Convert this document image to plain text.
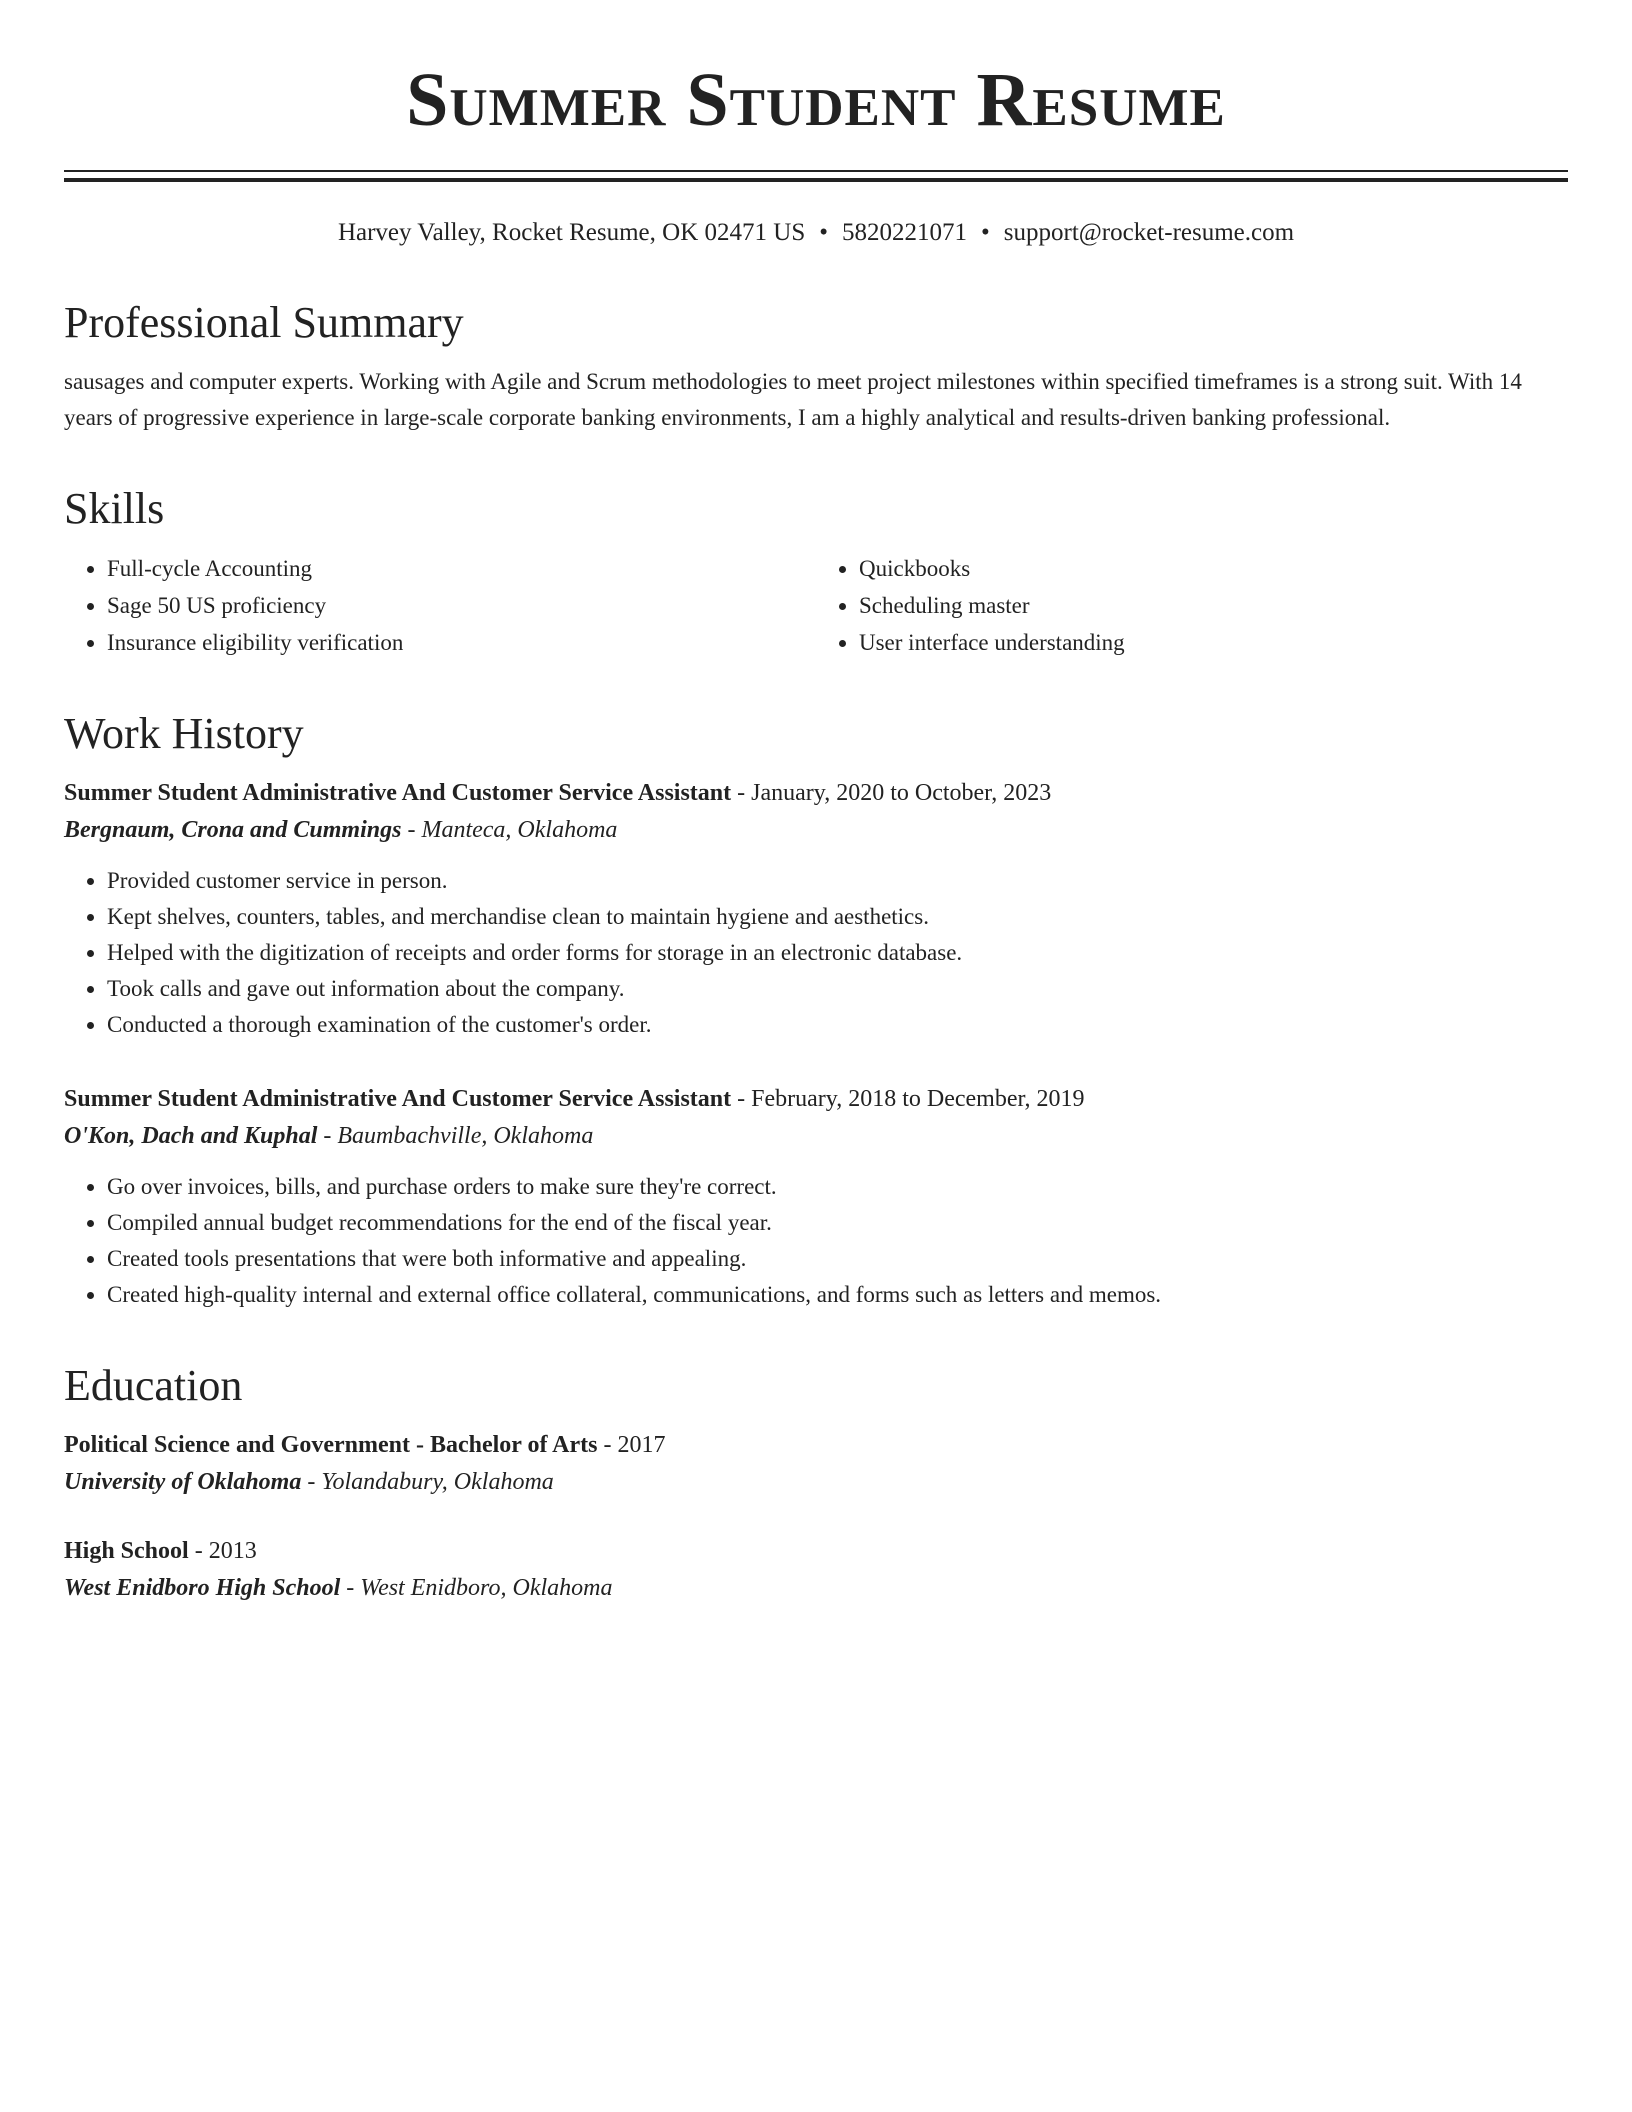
Summer Student Resume
Harvey Valley, Rocket Resume, OK 02471 US • 5820221071 • support@rocket-resume.com
Professional Summary

sausages and computer experts. Working with Agile and Scrum methodologies to meet project milestones within specified timeframes is a strong suit. With 14 years of progressive experience in large-scale corporate banking environments, I am a highly analytical and results-driven banking professional.

Skills
• Full-cycle Accounting
• Sage 50 US proficiency
• Insurance eligibility verification
• Quickbooks
• Scheduling master
• User interface understanding
Work History

Summer Student Administrative And Customer Service Assistant - January, 2020 to October, 2023

Bergnaum, Crona and Cummings - Manteca, Oklahoma

• Provided customer service in person.
• Kept shelves, counters, tables, and merchandise clean to maintain hygiene and aesthetics.
• Helped with the digitization of receipts and order forms for storage in an electronic database.
• Took calls and gave out information about the company.
• Conducted a thorough examination of the customer's order.

Summer Student Administrative And Customer Service Assistant - February, 2018 to December, 2019

O'Kon, Dach and Kuphal - Baumbachville, Oklahoma

• Go over invoices, bills, and purchase orders to make sure they're correct.
• Compiled annual budget recommendations for the end of the fiscal year.
• Created tools presentations that were both informative and appealing.
• Created high-quality internal and external office collateral, communications, and forms such as letters and memos.
Education

Political Science and Government - Bachelor of Arts - 2017

University of Oklahoma - Yolandabury, Oklahoma

High School - 2013

West Enidboro High School - West Enidboro, Oklahoma
